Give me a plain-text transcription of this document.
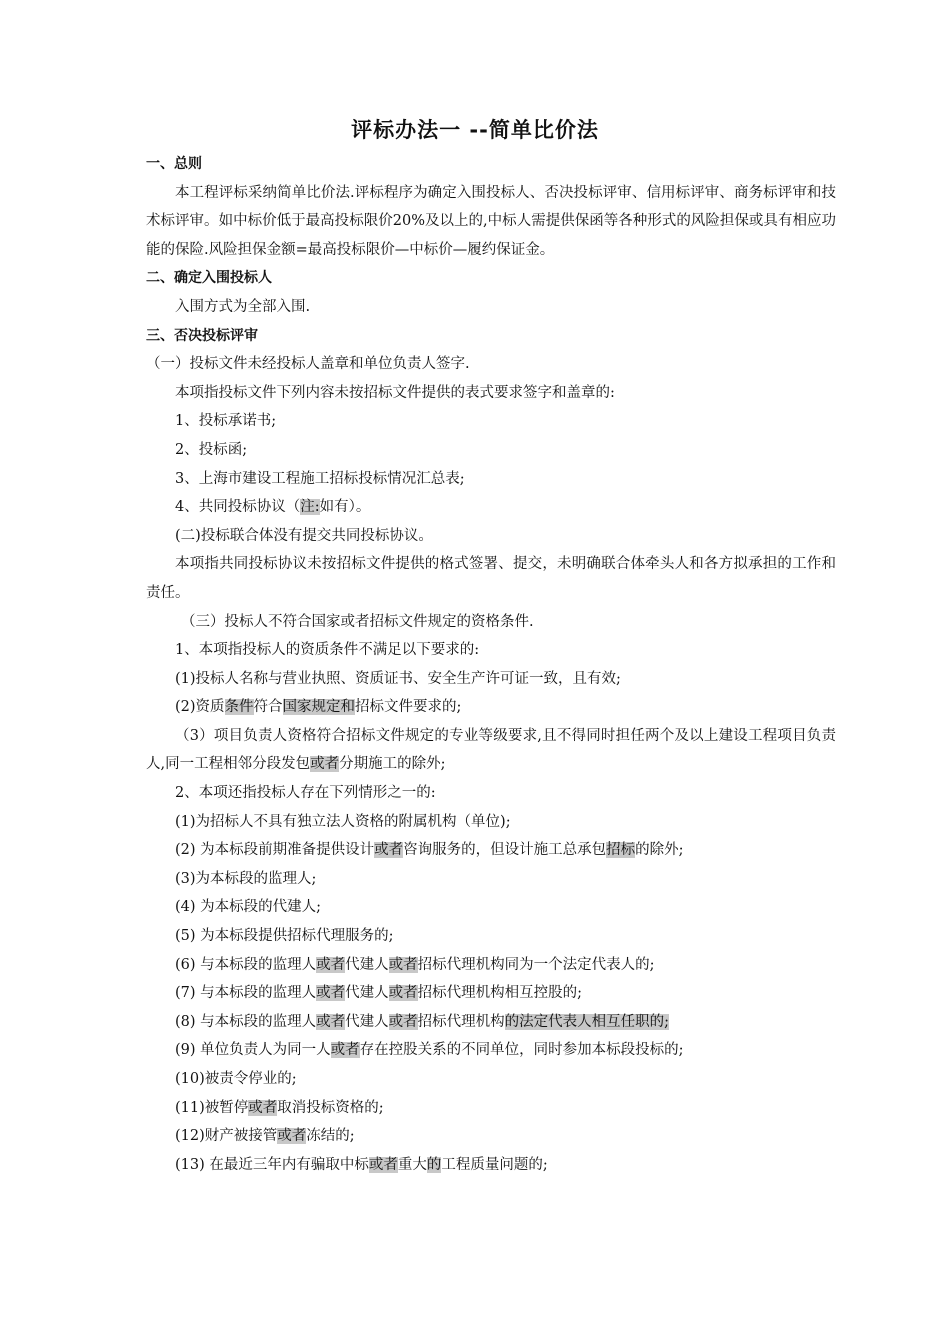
评标办法一 --简单比价法

一、总则

本工程评标采纳简单比价法.评标程序为确定入围投标人、否决投标评审、信用标评审、商务标评审和技术标评审。如中标价低于最高投标限价20%及以上的,中标人需提供保函等各种形式的风险担保或具有相应功能的保险.风险担保金额=最高投标限价—中标价—履约保证金。

二、确定入围投标人

入围方式为全部入围.

三、否决投标评审

（一）投标文件未经投标人盖章和单位负责人签字.

本项指投标文件下列内容未按招标文件提供的表式要求签字和盖章的:

1、投标承诺书;

2、投标函;

3、上海市建设工程施工招标投标情况汇总表;

4、共同投标协议（注:如有）。

(二)投标联合体没有提交共同投标协议。

本项指共同投标协议未按招标文件提供的格式签署、提交，未明确联合体牵头人和各方拟承担的工作和责任。

（三）投标人不符合国家或者招标文件规定的资格条件.

1、本项指投标人的资质条件不满足以下要求的:

(1)投标人名称与营业执照、资质证书、安全生产许可证一致，且有效;

(2)资质条件符合国家规定和招标文件要求的;

（3）项目负责人资格符合招标文件规定的专业等级要求,且不得同时担任两个及以上建设工程项目负责人,同一工程相邻分段发包或者分期施工的除外;

2、本项还指投标人存在下列情形之一的:

(1)为招标人不具有独立法人资格的附属机构（单位);

(2) 为本标段前期准备提供设计或者咨询服务的，但设计施工总承包招标的除外;

(3)为本标段的监理人;

(4) 为本标段的代建人;

(5) 为本标段提供招标代理服务的;

(6) 与本标段的监理人或者代建人或者招标代理机构同为一个法定代表人的;

(7) 与本标段的监理人或者代建人或者招标代理机构相互控股的;

(8) 与本标段的监理人或者代建人或者招标代理机构的法定代表人相互任职的;

(9) 单位负责人为同一人或者存在控股关系的不同单位，同时参加本标段投标的;

(10)被责令停业的;

(11)被暂停或者取消投标资格的;

(12)财产被接管或者冻结的;

(13) 在最近三年内有骗取中标或者重大的工程质量问题的;
